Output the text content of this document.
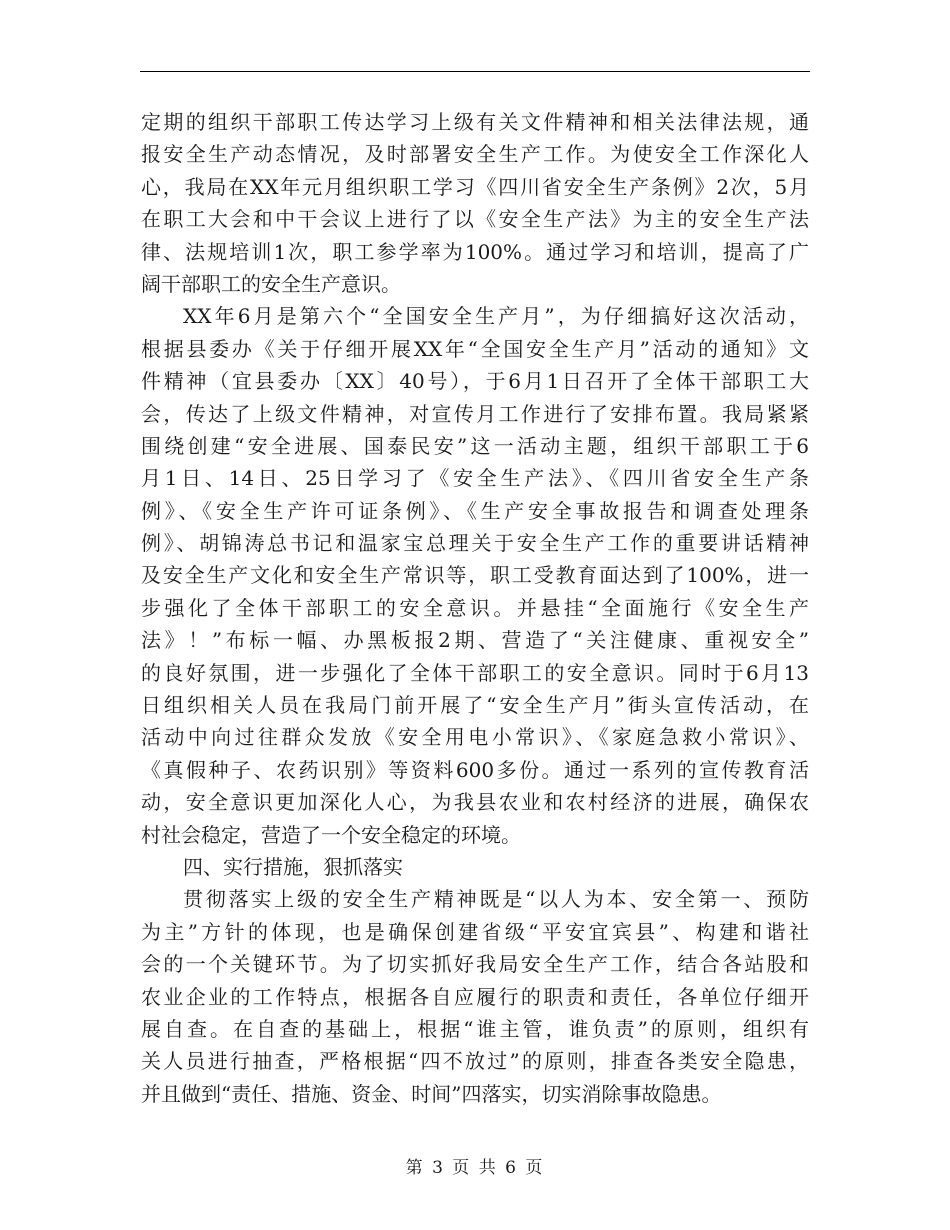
定期的组织干部职工传达学习上级有关文件精神和相关法律法规，通
报安全生产动态情况，及时部署安全生产工作。为使安全工作深化人
心，我局在XX年元月组织职工学习《四川省安全生产条例》2次，5月
在职工大会和中干会议上进行了以《安全生产法》为主的安全生产法
律、法规培训1次，职工参学率为100%。通过学习和培训，提高了广
阔干部职工的安全生产意识。
XX年6月是第六个“全国安全生产月”，为仔细搞好这次活动，
根据县委办《关于仔细开展XX年“全国安全生产月”活动的通知》文
件精神（宜县委办〔XX〕40号），于6月1日召开了全体干部职工大
会，传达了上级文件精神，对宣传月工作进行了安排布置。我局紧紧
围绕创建“安全进展、国泰民安”这一活动主题，组织干部职工于6
月1日、14日、25日学习了《安全生产法》、《四川省安全生产条
例》、《安全生产许可证条例》、《生产安全事故报告和调查处理条
例》、胡锦涛总书记和温家宝总理关于安全生产工作的重要讲话精神
及安全生产文化和安全生产常识等，职工受教育面达到了100%，进一
步强化了全体干部职工的安全意识。并悬挂“全面施行《安全生产
法》！”布标一幅、办黑板报2期、营造了“关注健康、重视安全”
的良好氛围，进一步强化了全体干部职工的安全意识。同时于6月13
日组织相关人员在我局门前开展了“安全生产月”街头宣传活动，在
活动中向过往群众发放《安全用电小常识》、《家庭急救小常识》、
《真假种子、农药识别》等资料600多份。通过一系列的宣传教育活
动，安全意识更加深化人心，为我县农业和农村经济的进展，确保农
村社会稳定，营造了一个安全稳定的环境。
四、实行措施，狠抓落实
贯彻落实上级的安全生产精神既是“以人为本、安全第一、预防
为主”方针的体现，也是确保创建省级“平安宜宾县”、构建和谐社
会的一个关键环节。为了切实抓好我局安全生产工作，结合各站股和
农业企业的工作特点，根据各自应履行的职责和责任，各单位仔细开
展自查。在自查的基础上，根据“谁主管，谁负责”的原则，组织有
关人员进行抽查，严格根据“四不放过”的原则，排查各类安全隐患，
并且做到“责任、措施、资金、时间”四落实，切实消除事故隐患。
第 3 页 共 6 页
